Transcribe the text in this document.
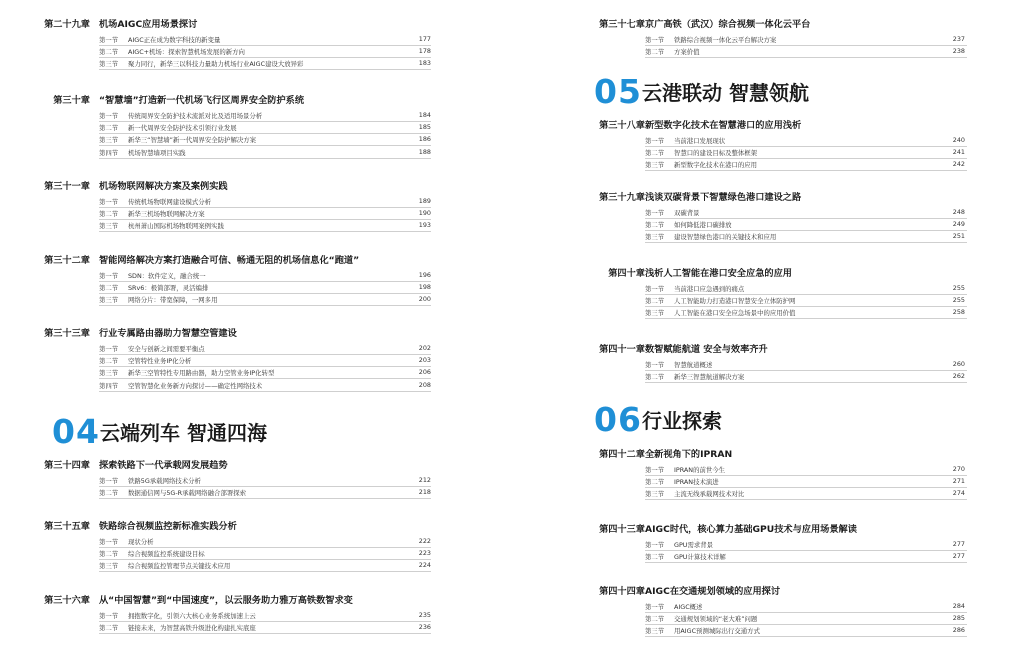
第二十九章 机场AIGC应用场景探讨
第一节 AIGC正在成为数字科技的新变量	177
第二节 AIGC+机场：探索智慧机场发展的新方向	178
第三节 聚力同行，新华三以科技力量助力机场行业AIGC建设大放异彩	183
第三十章 “智慧墙”打造新一代机场飞行区周界安全防护系统
第一节 传统周界安全防护技术流派对比及适用场景分析	184
第二节 新一代周界安全防护技术引领行业发展	185
第三节 新华三“智慧墙”新一代周界安全防护解决方案	186
第四节 机场智慧墙项目实践	188
第三十一章 机场物联网解决方案及案例实践
第一节 传统机场物联网建设模式分析	189
第二节 新华三机场物联网解决方案	190
第三节 杭州萧山国际机场物联网案例实践	193
第三十二章 智能网络解决方案打造融合可信、畅通无阻的机场信息化“跑道”
第一节 SDN：软件定义，融合统一	196
第二节 SRv6：极简部署，灵活编排	198
第三节 网络分片：带宽保障，一网多用	200
第三十三章 行业专属路由器助力智慧空管建设
第一节 安全与创新之间需要平衡点	202
第二节 空管特性业务IP化分析	203
第三节 新华三空管特性专用路由器，助力空管业务IP化转型	206
第四节 空管智慧化业务新方向探讨——确定性网络技术	208
04 云端列车 智通四海
第三十四章 探索铁路下一代承载网发展趋势
第一节 铁路5G承载网络技术分析	212
第二节 数据通信网与5G-R承载网络融合部署探索	218
第三十五章 铁路综合视频监控新标准实践分析
第一节 现状分析	222
第二节 综合视频监控系统建设目标	223
第三节 综合视频监控管理节点关键技术应用	224
第三十六章 从“中国智慧”到“中国速度”，以云服务助力雅万高铁数智求变
第一节 拥抱数字化，引领六大核心业务系统加速上云	235
第二节 链接未来，为智慧高铁升级进化构建扎实底座	236
第三十七章 京广高铁（武汉）综合视频一体化云平台
第一节 铁路综合视频一体化云平台解决方案	237
第二节 方案价值	238
05 云港联动 智慧领航
第三十八章 新型数字化技术在智慧港口的应用浅析
第一节 当前港口发展现状	240
第二节 智慧口的建设目标及整体框架	241
第三节 新型数字化技术在港口的应用	242
第三十九章 浅谈双碳背景下智慧绿色港口建设之路
第一节 双碳背景	248
第二节 如何降低港口碳排放	249
第三节 建设智慧绿色港口的关键技术和应用	251
第四十章 浅析人工智能在港口安全应急的应用
第一节 当前港口应急遇到的痛点	255
第二节 人工智能助力打造港口智慧安全立体防护网	255
第三节 人工智能在港口安全应急场景中的应用价值	258
第四十一章 数智赋能航道 安全与效率齐升
第一节 智慧航道概述	260
第二节 新华三智慧航道解决方案	262
06 行业探索
第四十二章 全新视角下的IPRAN
第一节 IPRAN的前世今生	270
第二节 IPRAN技术演进	271
第三节 主流无线承载网技术对比	274
第四十三章 AIGC时代，核心算力基础GPU技术与应用场景解读
第一节 GPU需求背景	277
第二节 GPU计算技术详解	277
第四十四章 AIGC在交通规划领域的应用探讨
第一节 AIGC概述	284
第二节 交通规划领域的“老大难”问题	285
第三节 用AIGC预测城际出行交通方式	286
